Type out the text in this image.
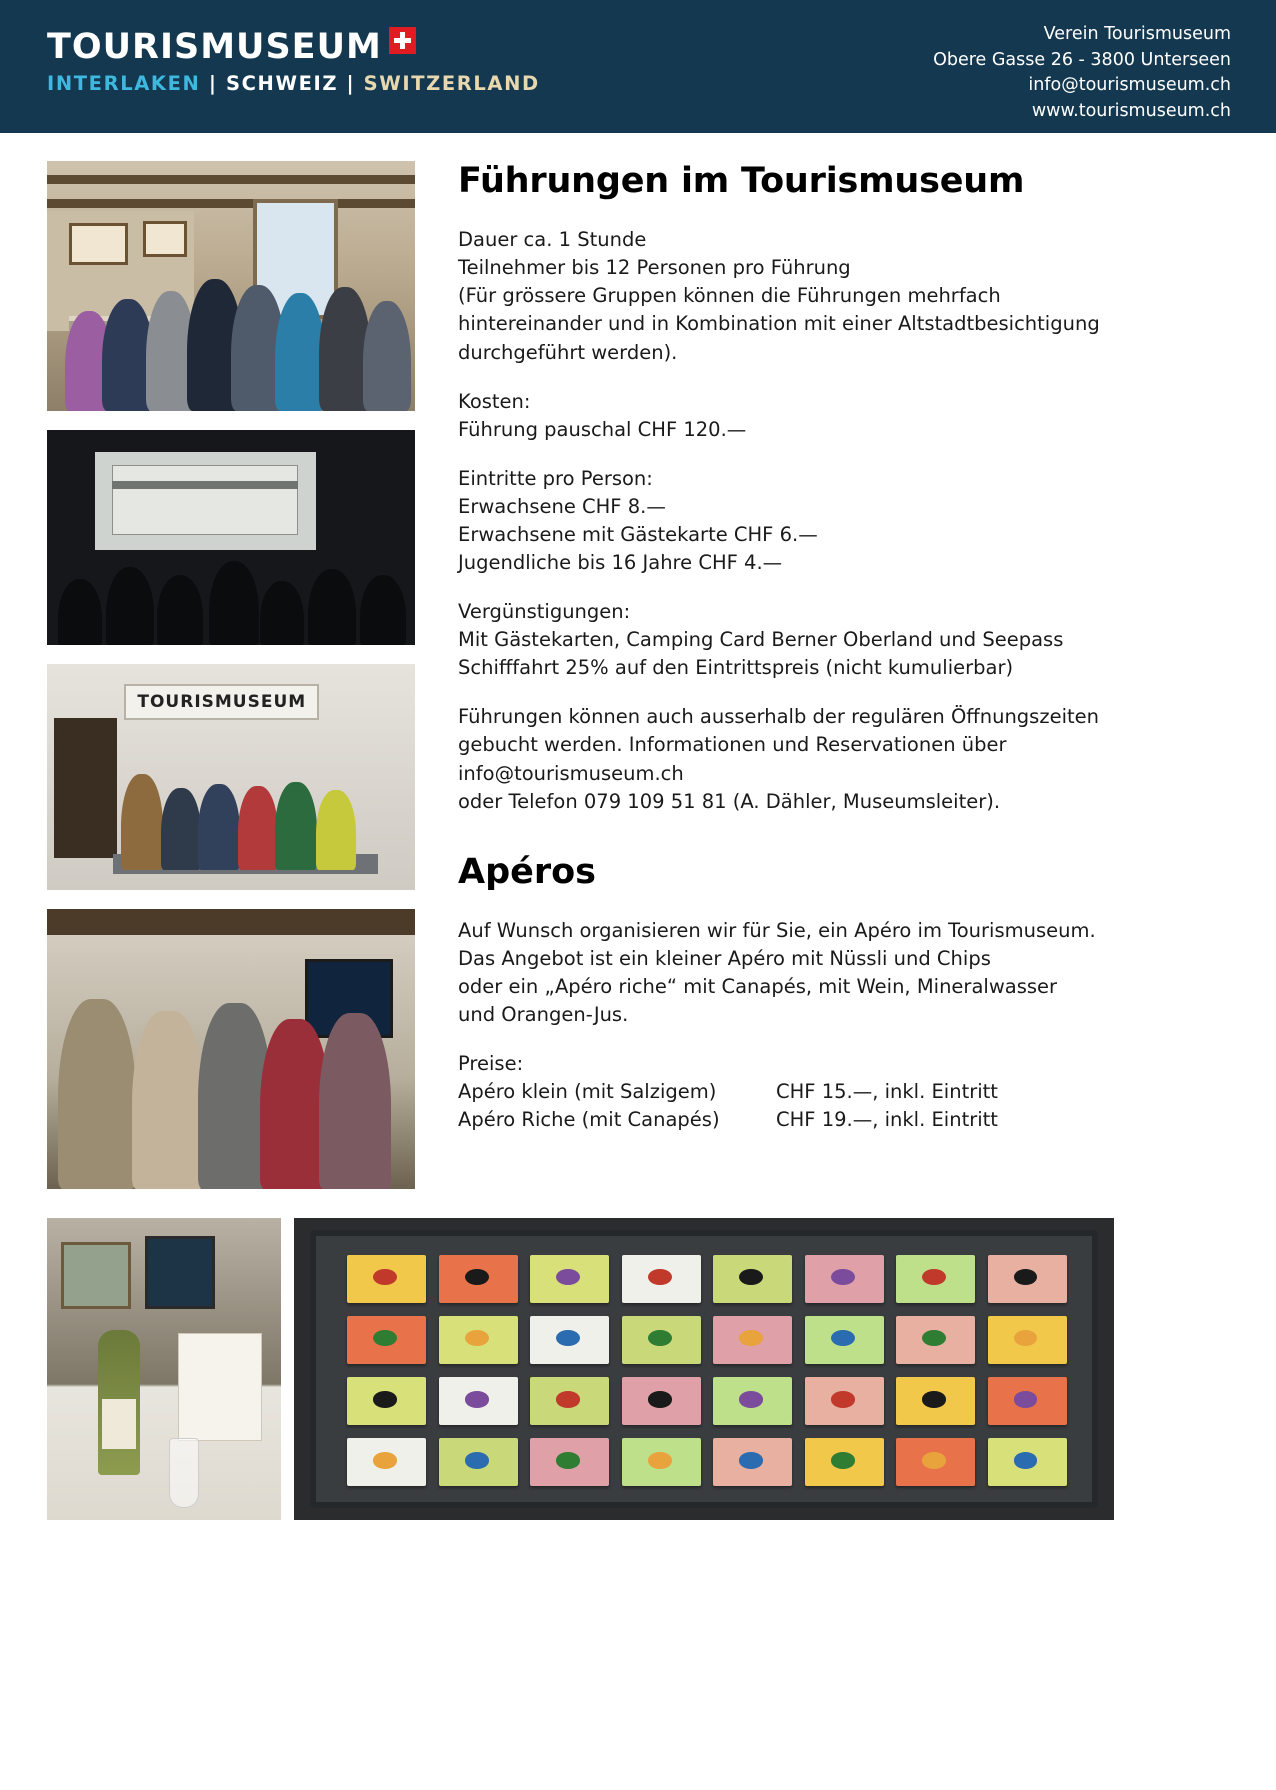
TOURISMUSEUM
INTERLAKEN | SCHWEIZ | SWITZERLAND
Verein Tourismuseum
Obere Gasse 26 - 3800 Unterseen
info@tourismuseum.ch
www.tourismuseum.ch
TOURISMUSEUM
Führungen im Tourismuseum

Dauer ca. 1 Stunde
Teilnehmer bis 12 Personen pro Führung
(Für grössere Gruppen können die Führungen mehrfach
hintereinander und in Kombination mit einer Altstadtbesichtigung
durchgeführt werden).

Kosten:
Führung pauschal CHF 120.—

Eintritte pro Person:
Erwachsene CHF 8.—
Erwachsene mit Gästekarte CHF 6.—
Jugendliche bis 16 Jahre CHF 4.—

Vergünstigungen:
Mit Gästekarten, Camping Card Berner Oberland und Seepass
Schifffahrt 25% auf den Eintrittspreis (nicht kumulierbar)

Führungen können auch ausserhalb der regulären Öffnungszeiten
gebucht werden. Informationen und Reservationen über
info@tourismuseum.ch
oder Telefon 079 109 51 81 (A. Dähler, Museumsleiter).

Apéros

Auf Wunsch organisieren wir für Sie, ein Apéro im Tourismuseum.
Das Angebot ist ein kleiner Apéro mit Nüssli und Chips
oder ein „Apéro riche“ mit Canapés, mit Wein, Mineralwasser
und Orangen-Jus.

Preise:

Apéro klein (mit Salzigem)	CHF 15.—, inkl. Eintritt
Apéro Riche (mit Canapés)	CHF 19.—, inkl. Eintritt
